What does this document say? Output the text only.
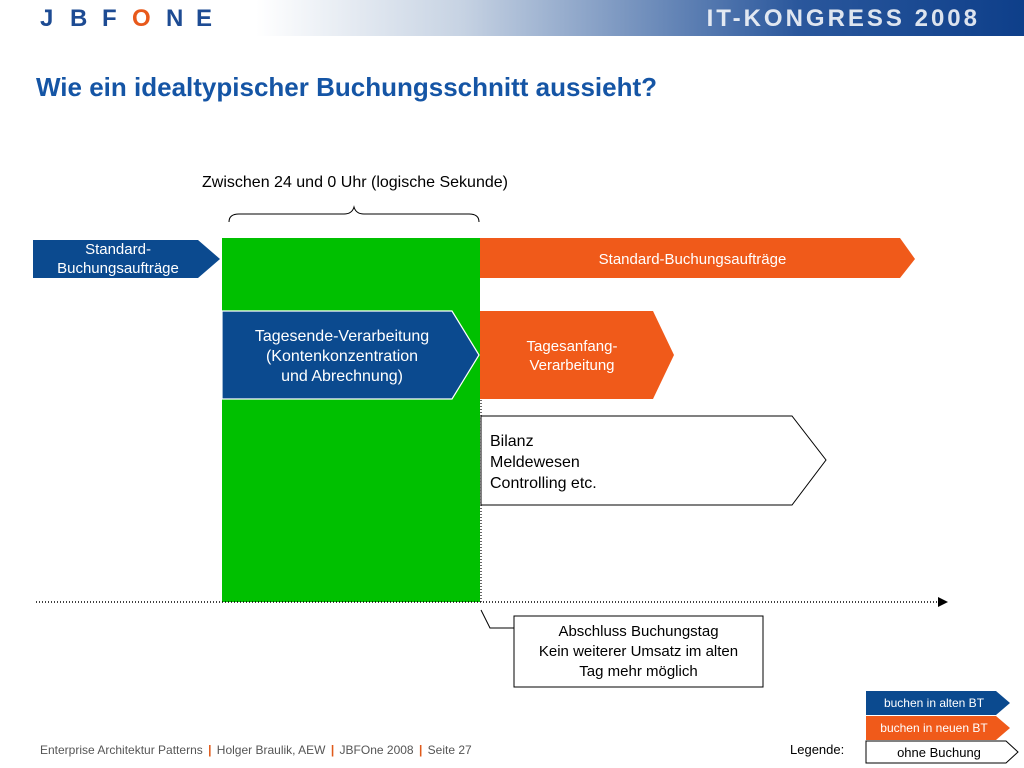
J B F O N E	IT-KONGRESS 2008
Wie ein idealtypischer Buchungsschnitt aussieht?
Zwischen 24 und 0 Uhr (logische Sekunde)
Standard-
Buchungsaufträge
Standard-Buchungsaufträge
Tagesende-Verarbeitung
(Kontenkonzentration
und Abrechnung)
Tagesanfang-
Verarbeitung
Bilanz
Meldewesen
Controlling etc.
Abschluss Buchungstag
Kein weiterer Umsatz im alten
Tag mehr möglich
Legende:
buchen in alten BT
buchen in neuen BT
ohne Buchung
Enterprise Architektur Patterns | Holger Braulik, AEW | JBFOne 2008 | Seite 27
